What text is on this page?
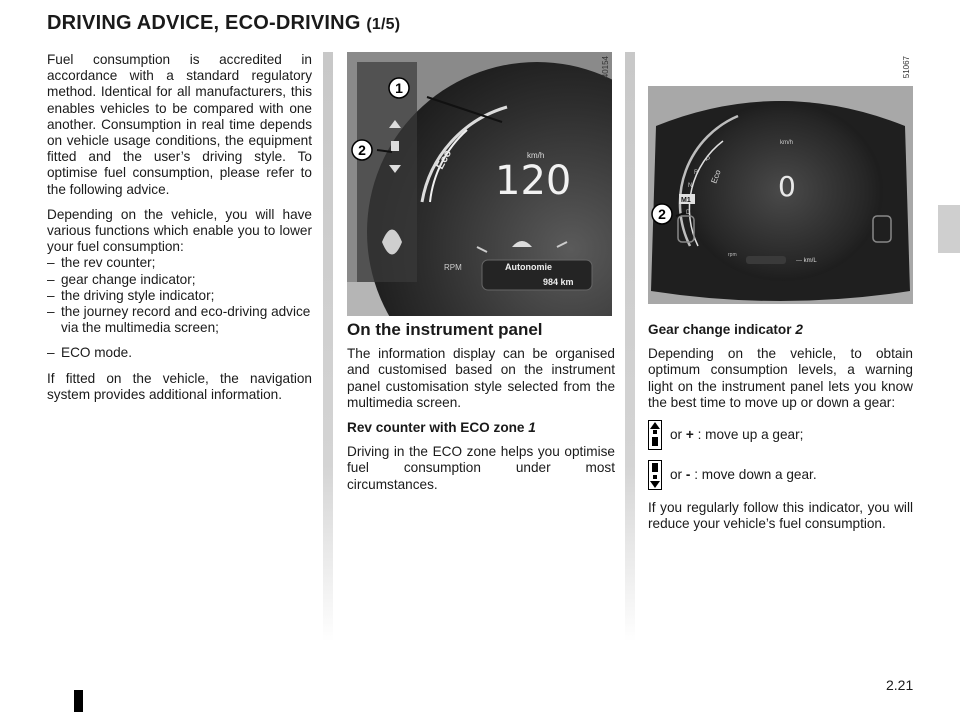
DRIVING ADVICE, ECO-DRIVING (1/5)

Fuel consumption is accredited in accordance with a standard regulatory method. Identical for all manufacturers, this enables vehicles to be compared with one another. Consumption in real time depends on vehicle usage conditions, the equipment fitted and the user’s driving style. To optimise fuel consumption, please refer to the following advice.

Depending on the vehicle, you will have various functions which enable you to lower your fuel consumption:

– the rev counter;
– gear change indicator;
– the driving style indicator;
– the journey record and eco-driving advice via the multimedia screen;
– ECO mode.

If fitted on the vehicle, the navigation system provides additional information.

1
2	km/h
120
Eco
RPM	Autonomie
984 km
40154
2
km/h
0
Eco
P
R
N
M1
D
rpm
--- km/L
51067
On the instrument panel

The information display can be organised and customised based on the instrument panel customisation style selected from the multimedia screen.

Rev counter with ECO zone 1

Driving in the ECO zone helps you optimise fuel consumption under most circumstances.

Gear change indicator 2

Depending on the vehicle, to obtain optimum consumption levels, a warning light on the instrument panel lets you know the best time to move up or down a gear:

or
+
: move up a gear;
or
-
: move down a gear.

If you regularly follow this indicator, you will reduce your vehicle’s fuel consumption.

2.21
